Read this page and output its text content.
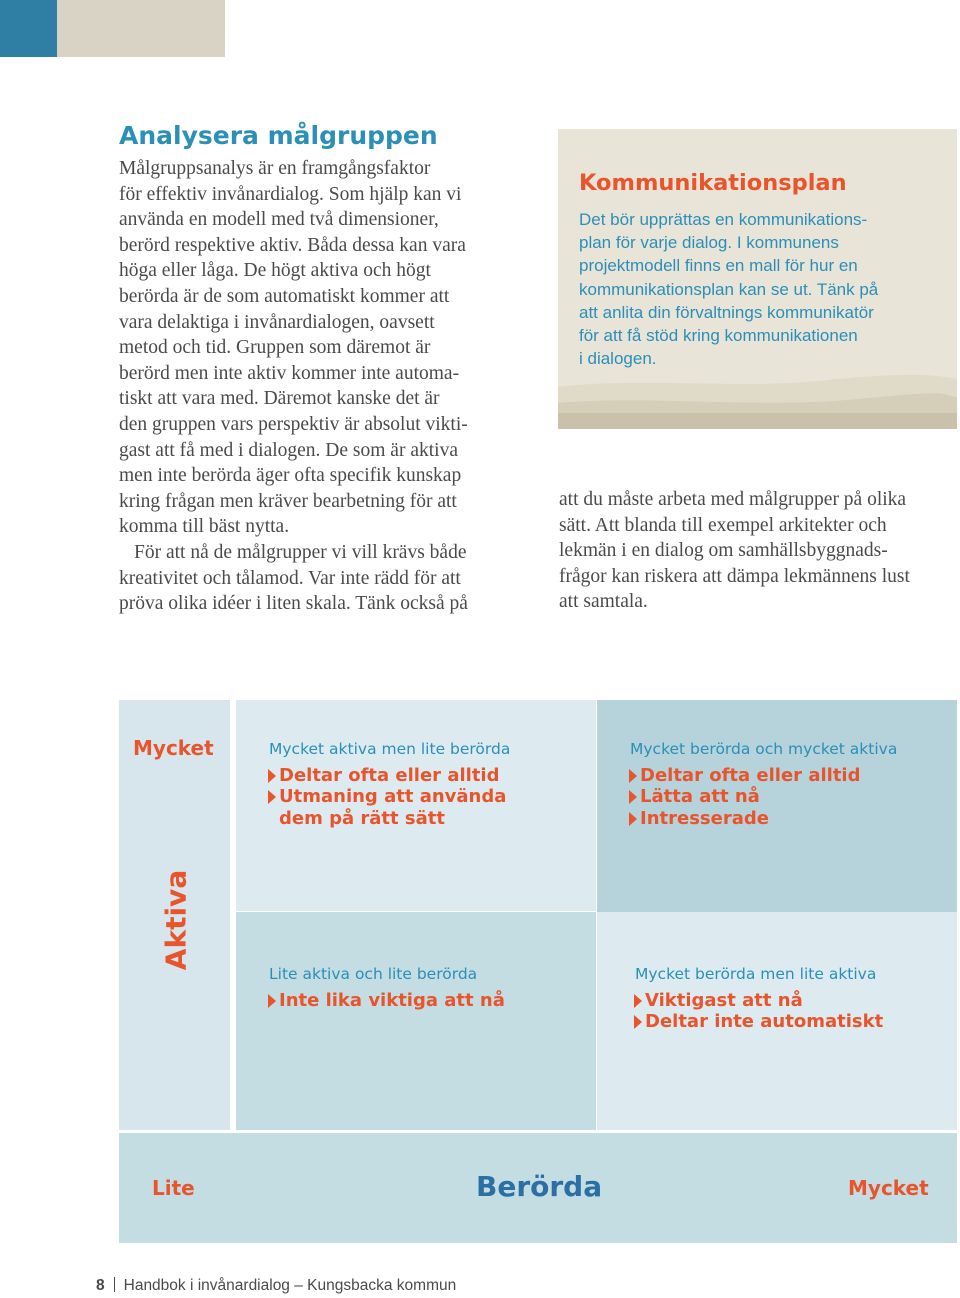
Analysera målgruppen
Målgruppsanalys är en framgångsfaktor
för effektiv invånardialog. Som hjälp kan vi
använda en modell med två dimensioner,
berörd respektive aktiv. Båda dessa kan vara
höga eller låga. De högt aktiva och högt
berörda är de som automatiskt kommer att
vara delaktiga i invånardialogen, oavsett
metod och tid. Gruppen som däremot är
berörd men inte aktiv kommer inte automa-
tiskt att vara med. Däremot kanske det är
den gruppen vars perspektiv är absolut vikti-
gast att få med i dialogen. De som är aktiva
men inte berörda äger ofta specifik kunskap
kring frågan men kräver bearbetning för att
komma till bäst nytta.
För att nå de målgrupper vi vill krävs både
kreativitet och tålamod. Var inte rädd för att
pröva olika idéer i liten skala. Tänk också på
Kommunikationsplan
Det bör upprättas en kommunikations-
plan för varje dialog. I kommunens
projektmodell finns en mall för hur en
kommunikationsplan kan se ut. Tänk på
att anlita din förvaltnings kommunikatör
för att få stöd kring kommunikationen
i dialogen.
att du måste arbeta med målgrupper på olika
sätt. Att blanda till exempel arkitekter och
lekmän i en dialog om samhällsbyggnads-
frågor kan riskera att dämpa lekmännens lust
att samtala.
Mycket
Aktiva
Lite	Berörda	Mycket
Mycket aktiva men lite berörda
Deltar ofta eller alltid
Utmaning att använda
dem på rätt sätt
Mycket berörda och mycket aktiva
Deltar ofta eller alltid
Lätta att nå
Intresserade
Lite aktiva och lite berörda
Inte lika viktiga att nå
Mycket berörda men lite aktiva
Viktigast att nå
Deltar inte automatiskt
8 Handbok i invånardialog – Kungsbacka kommun
